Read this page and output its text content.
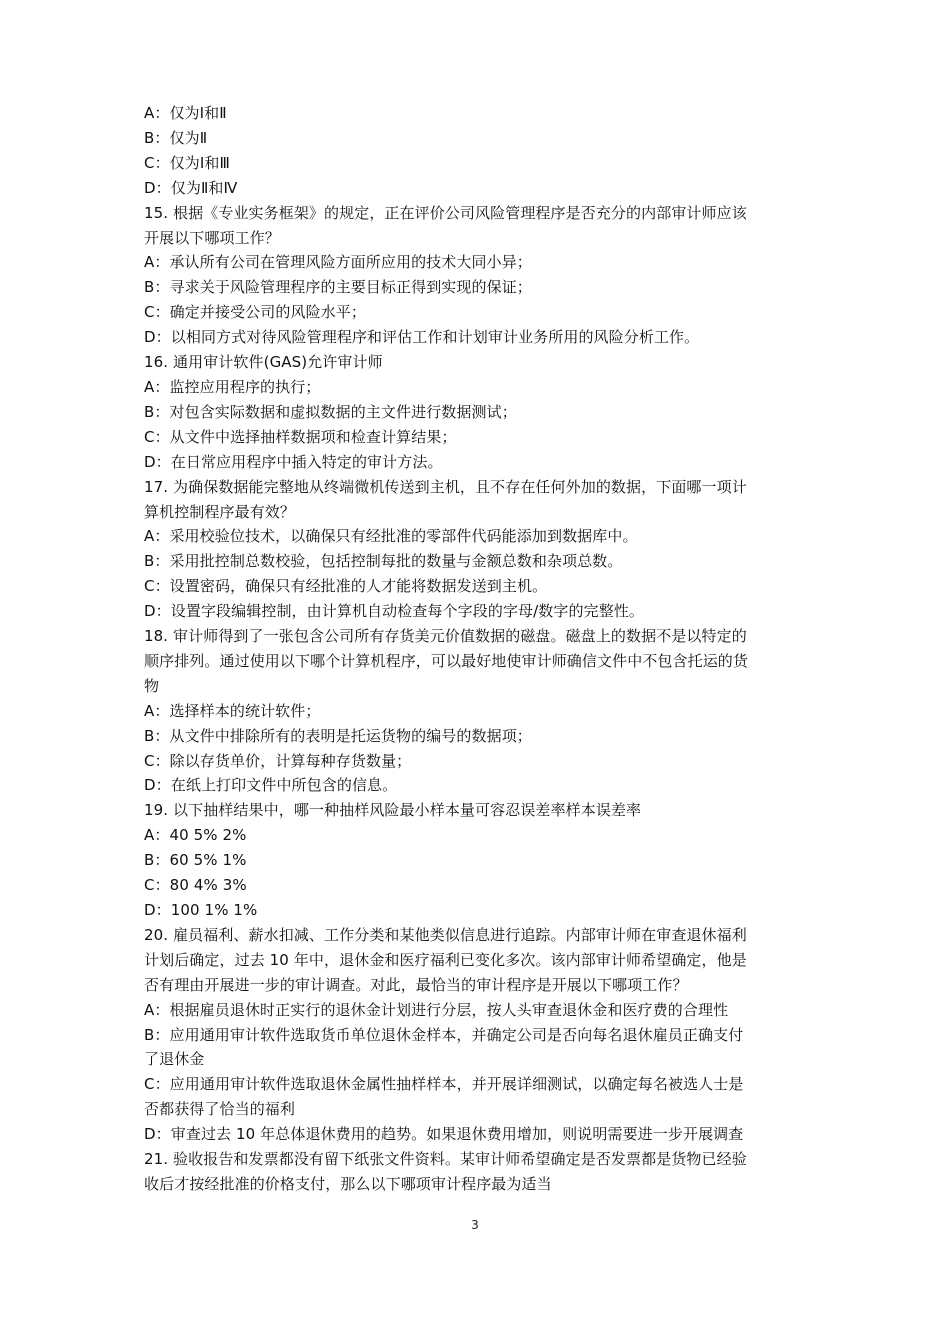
A：仅为Ⅰ和Ⅱ
B：仅为Ⅱ
C：仅为Ⅰ和Ⅲ
D：仅为Ⅱ和Ⅳ
15. 根据《专业实务框架》的规定，正在评价公司风险管理程序是否充分的内部审计师应该
开展以下哪项工作？
A：承认所有公司在管理风险方面所应用的技术大同小异；
B：寻求关于风险管理程序的主要目标正得到实现的保证；
C：确定并接受公司的风险水平；
D：以相同方式对待风险管理程序和评估工作和计划审计业务所用的风险分析工作。
16. 通用审计软件(GAS)允许审计师
A：监控应用程序的执行；
B：对包含实际数据和虚拟数据的主文件进行数据测试；
C：从文件中选择抽样数据项和检查计算结果；
D：在日常应用程序中插入特定的审计方法。
17. 为确保数据能完整地从终端微机传送到主机，且不存在任何外加的数据，下面哪一项计
算机控制程序最有效？
A：采用校验位技术，以确保只有经批准的零部件代码能添加到数据库中。
B：采用批控制总数校验，包括控制每批的数量与金额总数和杂项总数。
C：设置密码，确保只有经批准的人才能将数据发送到主机。
D：设置字段编辑控制，由计算机自动检查每个字段的字母/数字的完整性。
18. 审计师得到了一张包含公司所有存货美元价值数据的磁盘。磁盘上的数据不是以特定的
顺序排列。通过使用以下哪个计算机程序，可以最好地使审计师确信文件中不包含托运的货
物
A：选择样本的统计软件；
B：从文件中排除所有的表明是托运货物的编号的数据项；
C：除以存货单价，计算每种存货数量；
D：在纸上打印文件中所包含的信息。
19. 以下抽样结果中，哪一种抽样风险最小样本量可容忍误差率样本误差率
A：40 5% 2%
B：60 5% 1%
C：80 4% 3%
D：100 1% 1%
20. 雇员福利、薪水扣减、工作分类和某他类似信息进行追踪。内部审计师在审查退休福利
计划后确定，过去 10 年中，退休金和医疗福利已变化多次。该内部审计师希望确定，他是
否有理由开展进一步的审计调查。对此，最恰当的审计程序是开展以下哪项工作？
A：根据雇员退休时正实行的退休金计划进行分层，按人头审查退休金和医疗费的合理性
B：应用通用审计软件选取货币单位退休金样本，并确定公司是否向每名退休雇员正确支付
了退休金
C：应用通用审计软件选取退休金属性抽样样本，并开展详细测试，以确定每名被选人士是
否都获得了恰当的福利
D：审查过去 10 年总体退休费用的趋势。如果退休费用增加，则说明需要进一步开展调查
21. 验收报告和发票都没有留下纸张文件资料。某审计师希望确定是否发票都是货物已经验
收后才按经批准的价格支付，那么以下哪项审计程序最为适当
3
